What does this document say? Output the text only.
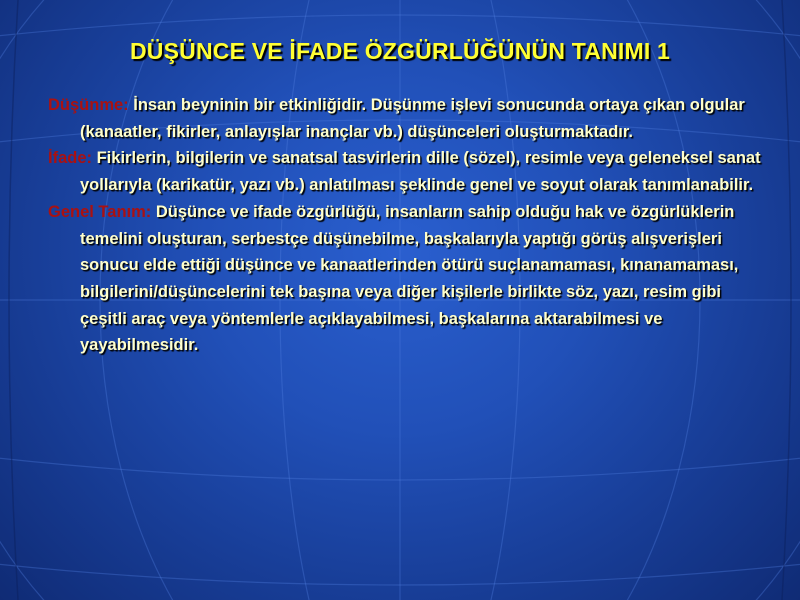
DÜŞÜNCE VE İFADE ÖZGÜRLÜĞÜNÜN TANIMI 1

Düşünme: İnsan beyninin bir etkinliğidir. Düşünme işlevi sonucunda ortaya çıkan olgular (kanaatler, fikirler, anlayışlar inançlar vb.) düşünceleri oluşturmaktadır.

İfade: Fikirlerin, bilgilerin ve sanatsal tasvirlerin dille (sözel), resimle veya geleneksel sanat yollarıyla (karikatür, yazı vb.) anlatılması şeklinde genel ve soyut olarak tanımlanabilir.

Genel Tanım: Düşünce ve ifade özgürlüğü, insanların sahip olduğu hak ve özgürlüklerin temelini oluşturan, serbestçe düşünebilme, başkalarıyla yaptığı görüş alışverişleri sonucu elde ettiği düşünce ve kanaatlerinden ötürü suçlanamaması, kınanamaması, bilgilerini/düşüncelerini tek başına veya diğer kişilerle birlikte söz, yazı, resim gibi çeşitli araç veya yöntemlerle açıklayabilmesi, başkalarına aktarabilmesi ve yayabilmesidir.
